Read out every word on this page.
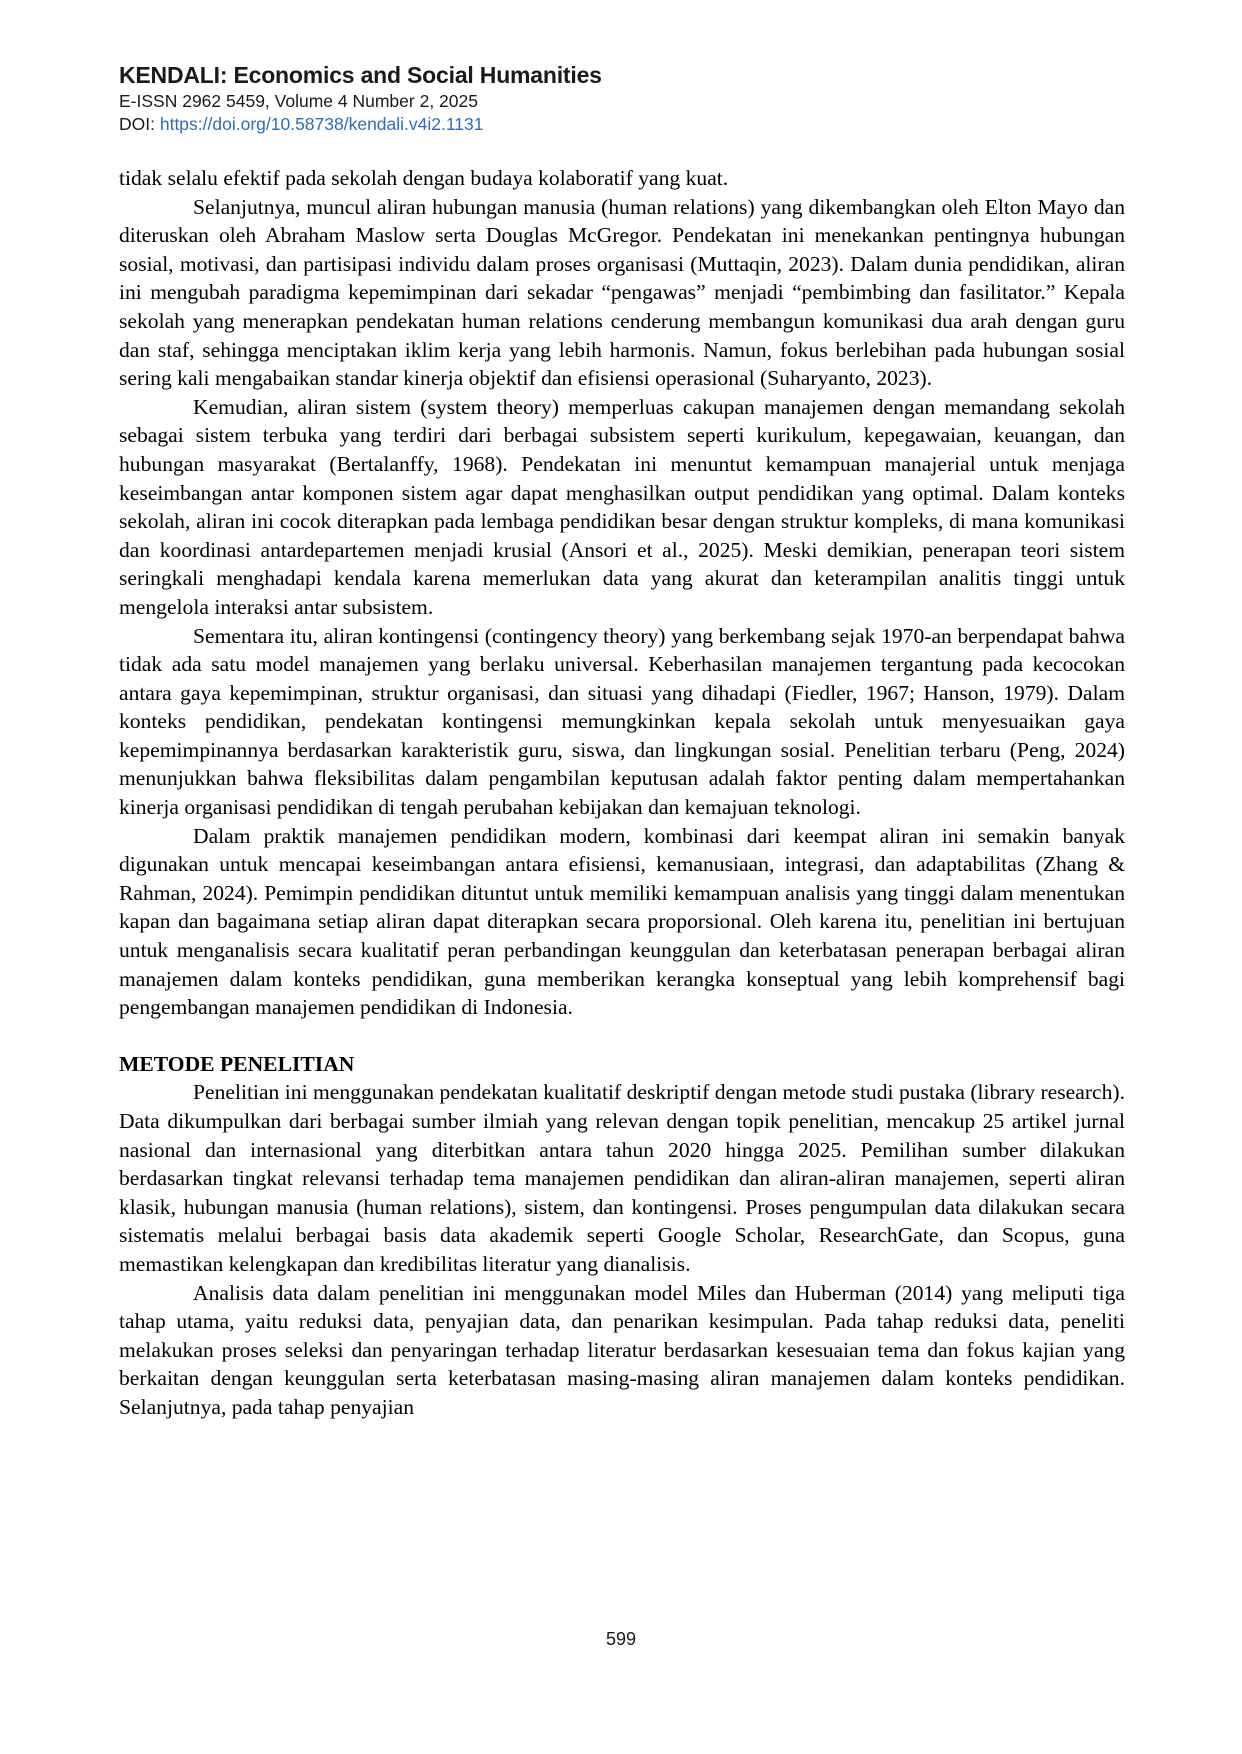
KENDALI: Economics and Social Humanities
E-ISSN 2962 5459, Volume 4 Number 2, 2025
DOI: https://doi.org/10.58738/kendali.v4i2.1131

tidak selalu efektif pada sekolah dengan budaya kolaboratif yang kuat.

Selanjutnya, muncul aliran hubungan manusia (human relations) yang dikembangkan oleh Elton Mayo dan diteruskan oleh Abraham Maslow serta Douglas McGregor. Pendekatan ini menekankan pentingnya hubungan sosial, motivasi, dan partisipasi individu dalam proses organisasi (Muttaqin, 2023). Dalam dunia pendidikan, aliran ini mengubah paradigma kepemimpinan dari sekadar “pengawas” menjadi “pembimbing dan fasilitator.” Kepala sekolah yang menerapkan pendekatan human relations cenderung membangun komunikasi dua arah dengan guru dan staf, sehingga menciptakan iklim kerja yang lebih harmonis. Namun, fokus berlebihan pada hubungan sosial sering kali mengabaikan standar kinerja objektif dan efisiensi operasional (Suharyanto, 2023).

Kemudian, aliran sistem (system theory) memperluas cakupan manajemen dengan memandang sekolah sebagai sistem terbuka yang terdiri dari berbagai subsistem seperti kurikulum, kepegawaian, keuangan, dan hubungan masyarakat (Bertalanffy, 1968). Pendekatan ini menuntut kemampuan manajerial untuk menjaga keseimbangan antar komponen sistem agar dapat menghasilkan output pendidikan yang optimal. Dalam konteks sekolah, aliran ini cocok diterapkan pada lembaga pendidikan besar dengan struktur kompleks, di mana komunikasi dan koordinasi antardepartemen menjadi krusial (Ansori et al., 2025). Meski demikian, penerapan teori sistem seringkali menghadapi kendala karena memerlukan data yang akurat dan keterampilan analitis tinggi untuk mengelola interaksi antar subsistem.

Sementara itu, aliran kontingensi (contingency theory) yang berkembang sejak 1970-an berpendapat bahwa tidak ada satu model manajemen yang berlaku universal. Keberhasilan manajemen tergantung pada kecocokan antara gaya kepemimpinan, struktur organisasi, dan situasi yang dihadapi (Fiedler, 1967; Hanson, 1979). Dalam konteks pendidikan, pendekatan kontingensi memungkinkan kepala sekolah untuk menyesuaikan gaya kepemimpinannya berdasarkan karakteristik guru, siswa, dan lingkungan sosial. Penelitian terbaru (Peng, 2024) menunjukkan bahwa fleksibilitas dalam pengambilan keputusan adalah faktor penting dalam mempertahankan kinerja organisasi pendidikan di tengah perubahan kebijakan dan kemajuan teknologi.

Dalam praktik manajemen pendidikan modern, kombinasi dari keempat aliran ini semakin banyak digunakan untuk mencapai keseimbangan antara efisiensi, kemanusiaan, integrasi, dan adaptabilitas (Zhang & Rahman, 2024). Pemimpin pendidikan dituntut untuk memiliki kemampuan analisis yang tinggi dalam menentukan kapan dan bagaimana setiap aliran dapat diterapkan secara proporsional. Oleh karena itu, penelitian ini bertujuan untuk menganalisis secara kualitatif peran perbandingan keunggulan dan keterbatasan penerapan berbagai aliran manajemen dalam konteks pendidikan, guna memberikan kerangka konseptual yang lebih komprehensif bagi pengembangan manajemen pendidikan di Indonesia.

METODE PENELITIAN

Penelitian ini menggunakan pendekatan kualitatif deskriptif dengan metode studi pustaka (library research). Data dikumpulkan dari berbagai sumber ilmiah yang relevan dengan topik penelitian, mencakup 25 artikel jurnal nasional dan internasional yang diterbitkan antara tahun 2020 hingga 2025. Pemilihan sumber dilakukan berdasarkan tingkat relevansi terhadap tema manajemen pendidikan dan aliran-aliran manajemen, seperti aliran klasik, hubungan manusia (human relations), sistem, dan kontingensi. Proses pengumpulan data dilakukan secara sistematis melalui berbagai basis data akademik seperti Google Scholar, ResearchGate, dan Scopus, guna memastikan kelengkapan dan kredibilitas literatur yang dianalisis.

Analisis data dalam penelitian ini menggunakan model Miles dan Huberman (2014) yang meliputi tiga tahap utama, yaitu reduksi data, penyajian data, dan penarikan kesimpulan. Pada tahap reduksi data, peneliti melakukan proses seleksi dan penyaringan terhadap literatur berdasarkan kesesuaian tema dan fokus kajian yang berkaitan dengan keunggulan serta keterbatasan masing-masing aliran manajemen dalam konteks pendidikan. Selanjutnya, pada tahap penyajian

599
